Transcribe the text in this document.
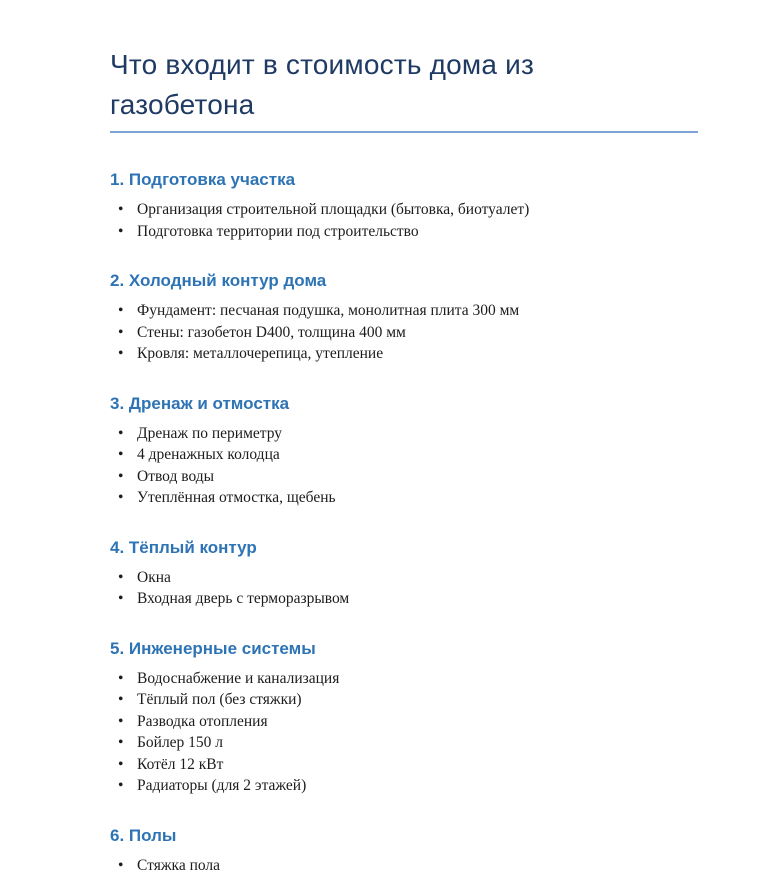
Что входит в стоимость дома из газобетона
1. Подготовка участка
• Организация строительной площадки (бытовка, биотуалет)
• Подготовка территории под строительство
2. Холодный контур дома
• Фундамент: песчаная подушка, монолитная плита 300 мм
• Стены: газобетон D400, толщина 400 мм
• Кровля: металлочерепица, утепление
3. Дренаж и отмостка
• Дренаж по периметру
• 4 дренажных колодца
• Отвод воды
• Утеплённая отмостка, щебень
4. Тёплый контур
• Окна
• Входная дверь с терморазрывом
5. Инженерные системы
• Водоснабжение и канализация
• Тёплый пол (без стяжки)
• Разводка отопления
• Бойлер 150 л
• Котёл 12 кВт
• Радиаторы (для 2 этажей)
6. Полы
• Стяжка пола
